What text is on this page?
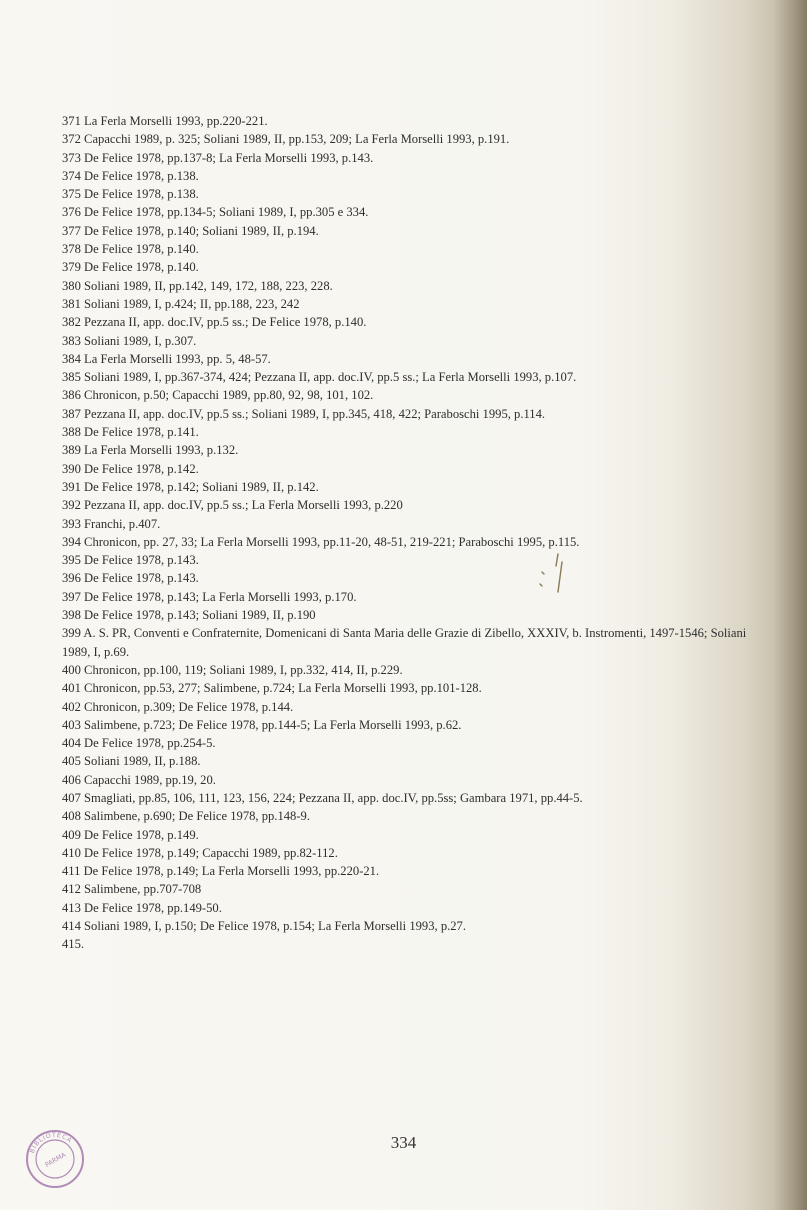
371 La Ferla Morselli 1993, pp.220-221.
372 Capacchi 1989, p. 325; Soliani 1989, II, pp.153, 209; La Ferla Morselli 1993, p.191.
373 De Felice 1978, pp.137-8; La Ferla Morselli 1993, p.143.
374 De Felice 1978, p.138.
375 De Felice 1978, p.138.
376 De Felice 1978, pp.134-5; Soliani 1989, I, pp.305 e 334.
377 De Felice 1978, p.140; Soliani 1989, II, p.194.
378 De Felice 1978, p.140.
379 De Felice 1978, p.140.
380 Soliani 1989, II, pp.142, 149, 172, 188, 223, 228.
381 Soliani 1989, I, p.424; II, pp.188, 223, 242
382 Pezzana II, app. doc.IV, pp.5 ss.; De Felice 1978, p.140.
383 Soliani 1989, I, p.307.
384 La Ferla Morselli 1993, pp. 5, 48-57.
385 Soliani 1989, I, pp.367-374, 424; Pezzana II, app. doc.IV, pp.5 ss.; La Ferla Morselli 1993, p.107.
386 Chronicon, p.50; Capacchi 1989, pp.80, 92, 98, 101, 102.
387 Pezzana II, app. doc.IV, pp.5 ss.; Soliani 1989, I, pp.345, 418, 422; Paraboschi 1995, p.114.
388 De Felice 1978, p.141.
389 La Ferla Morselli 1993, p.132.
390 De Felice 1978, p.142.
391 De Felice 1978, p.142; Soliani 1989, II, p.142.
392 Pezzana II, app. doc.IV, pp.5 ss.; La Ferla Morselli 1993, p.220
393 Franchi, p.407.
394 Chronicon, pp. 27, 33; La Ferla Morselli 1993, pp.11-20, 48-51, 219-221; Paraboschi 1995, p.115.
395 De Felice 1978, p.143.
396 De Felice 1978, p.143.
397 De Felice 1978, p.143; La Ferla Morselli 1993, p.170.
398 De Felice 1978, p.143; Soliani 1989, II, p.190
399 A. S. PR, Conventi e Confraternite, Domenicani di Santa Maria delle Grazie di Zibello, XXXIV, b. Instromenti, 1497-1546; Soliani 1989, I, p.69.
400 Chronicon, pp.100, 119; Soliani 1989, I, pp.332, 414, II, p.229.
401 Chronicon, pp.53, 277; Salimbene, p.724; La Ferla Morselli 1993, pp.101-128.
402 Chronicon, p.309; De Felice 1978, p.144.
403 Salimbene, p.723; De Felice 1978, pp.144-5; La Ferla Morselli 1993, p.62.
404 De Felice 1978, pp.254-5.
405 Soliani 1989, II, p.188.
406 Capacchi 1989, pp.19, 20.
407 Smagliati, pp.85, 106, 111, 123, 156, 224; Pezzana II, app. doc.IV, pp.5ss; Gambara 1971, pp.44-5.
408 Salimbene, p.690; De Felice 1978, pp.148-9.
409 De Felice 1978, p.149.
410 De Felice 1978, p.149; Capacchi 1989, pp.82-112.
411 De Felice 1978, p.149; La Ferla Morselli 1993, pp.220-21.
412 Salimbene, pp.707-708
413 De Felice 1978, pp.149-50.
414 Soliani 1989, I, p.150; De Felice 1978, p.154; La Ferla Morselli 1993, p.27.
415.
334
BIBLIOTECA
PARMA
